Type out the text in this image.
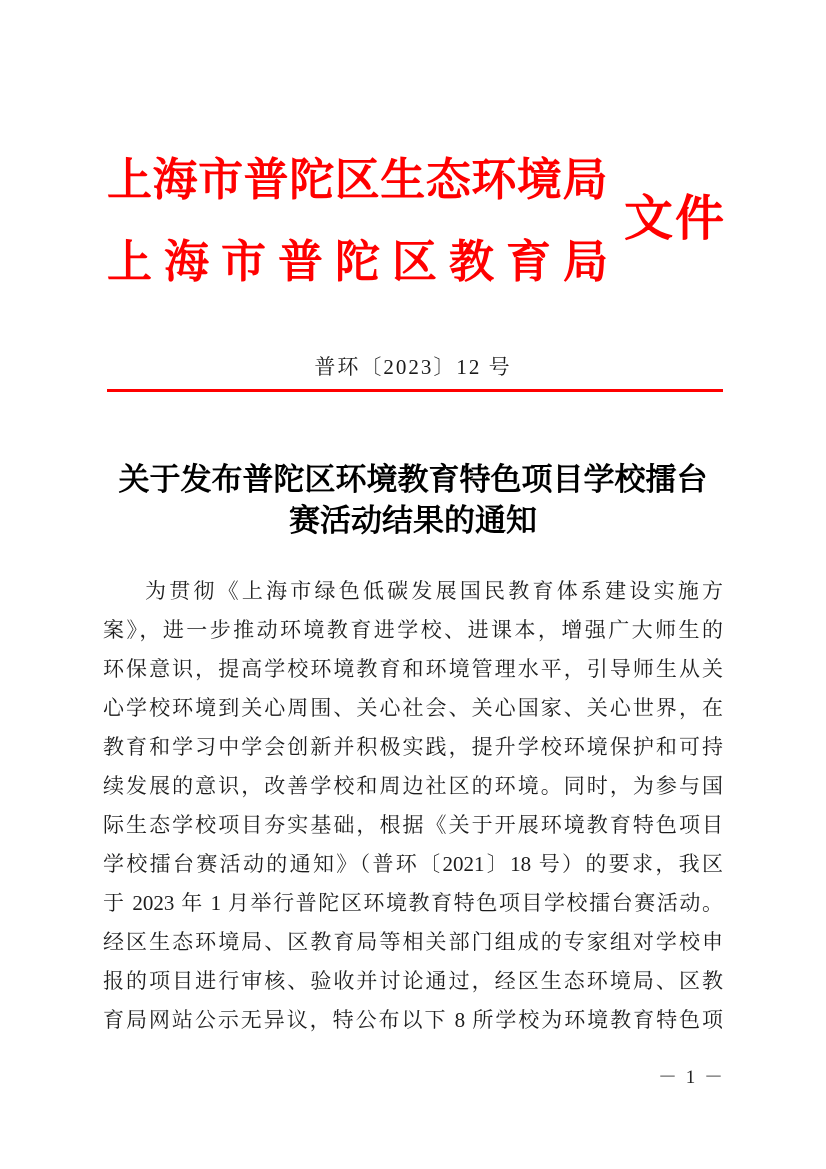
上海市普陀区生态环境局
上海市普陀区教育局
文件
普环〔2023〕12 号
关于发布普陀区环境教育特色项目学校擂台
赛活动结果的通知
为贯彻《上海市绿色低碳发展国民教育体系建设实施方
案》，进一步推动环境教育进学校、进课本，增强广大师生的
环保意识，提高学校环境教育和环境管理水平，引导师生从关
心学校环境到关心周围、关心社会、关心国家、关心世界，在
教育和学习中学会创新并积极实践，提升学校环境保护和可持
续发展的意识，改善学校和周边社区的环境。同时，为参与国
际生态学校项目夯实基础，根据《关于开展环境教育特色项目
学校擂台赛活动的通知》（普环〔2021〕18 号）的要求，我区
于 2023 年 1 月举行普陀区环境教育特色项目学校擂台赛活动。
经区生态环境局、区教育局等相关部门组成的专家组对学校申
报的项目进行审核、验收并讨论通过，经区生态环境局、区教
育局网站公示无异议，特公布以下 8 所学校为环境教育特色项
－ 1 －
